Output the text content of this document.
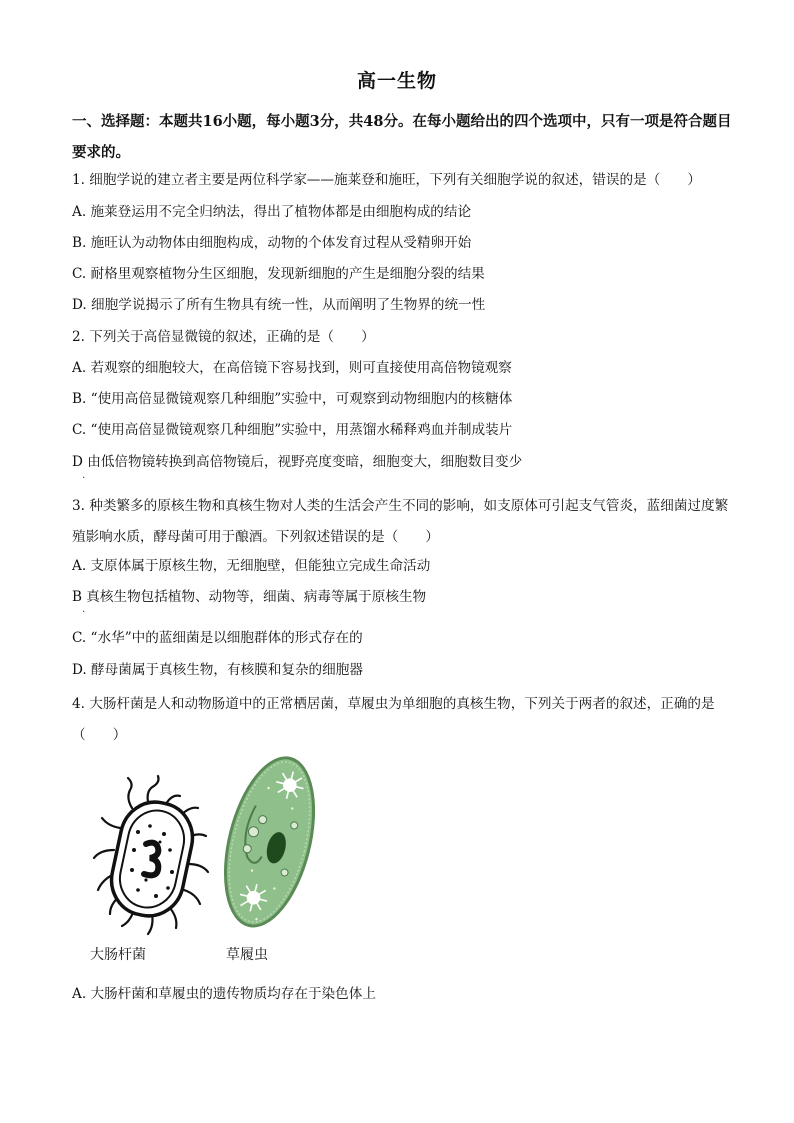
高一生物
一、选择题：本题共16小题，每小题3分，共48分。在每小题给出的四个选项中，只有一项是符合题目要求的。
1. 细胞学说的建立者主要是两位科学家——施莱登和施旺，下列有关细胞学说的叙述，错误的是（　　）
A. 施莱登运用不完全归纳法，得出了植物体都是由细胞构成的结论
B. 施旺认为动物体由细胞构成，动物的个体发育过程从受精卵开始
C. 耐格里观察植物分生区细胞，发现新细胞的产生是细胞分裂的结果
D. 细胞学说揭示了所有生物具有统一性，从而阐明了生物界的统一性
2. 下列关于高倍显微镜的叙述，正确的是（　　）
A. 若观察的细胞较大，在高倍镜下容易找到，则可直接使用高倍物镜观察
B. “使用高倍显微镜观察几种细胞”实验中，可观察到动物细胞内的核糖体
C. “使用高倍显微镜观察几种细胞”实验中，用蒸馏水稀释鸡血并制成装片
D 由低倍物镜转换到高倍物镜后，视野亮度变暗，细胞变大，细胞数目变少
.
3. 种类繁多的原核生物和真核生物对人类的生活会产生不同的影响，如支原体可引起支气管炎，蓝细菌过度繁殖影响水质，酵母菌可用于酿酒。下列叙述错误的是（　　）
A. 支原体属于原核生物，无细胞壁，但能独立完成生命活动
B 真核生物包括植物、动物等，细菌、病毒等属于原核生物
.
C. “水华”中的蓝细菌是以细胞群体的形式存在的
D. 酵母菌属于真核生物，有核膜和复杂的细胞器
4. 大肠杆菌是人和动物肠道中的正常栖居菌，草履虫为单细胞的真核生物，下列关于两者的叙述，正确的是（　　）
大肠杆菌	草履虫
A. 大肠杆菌和草履虫的遗传物质均存在于染色体上
